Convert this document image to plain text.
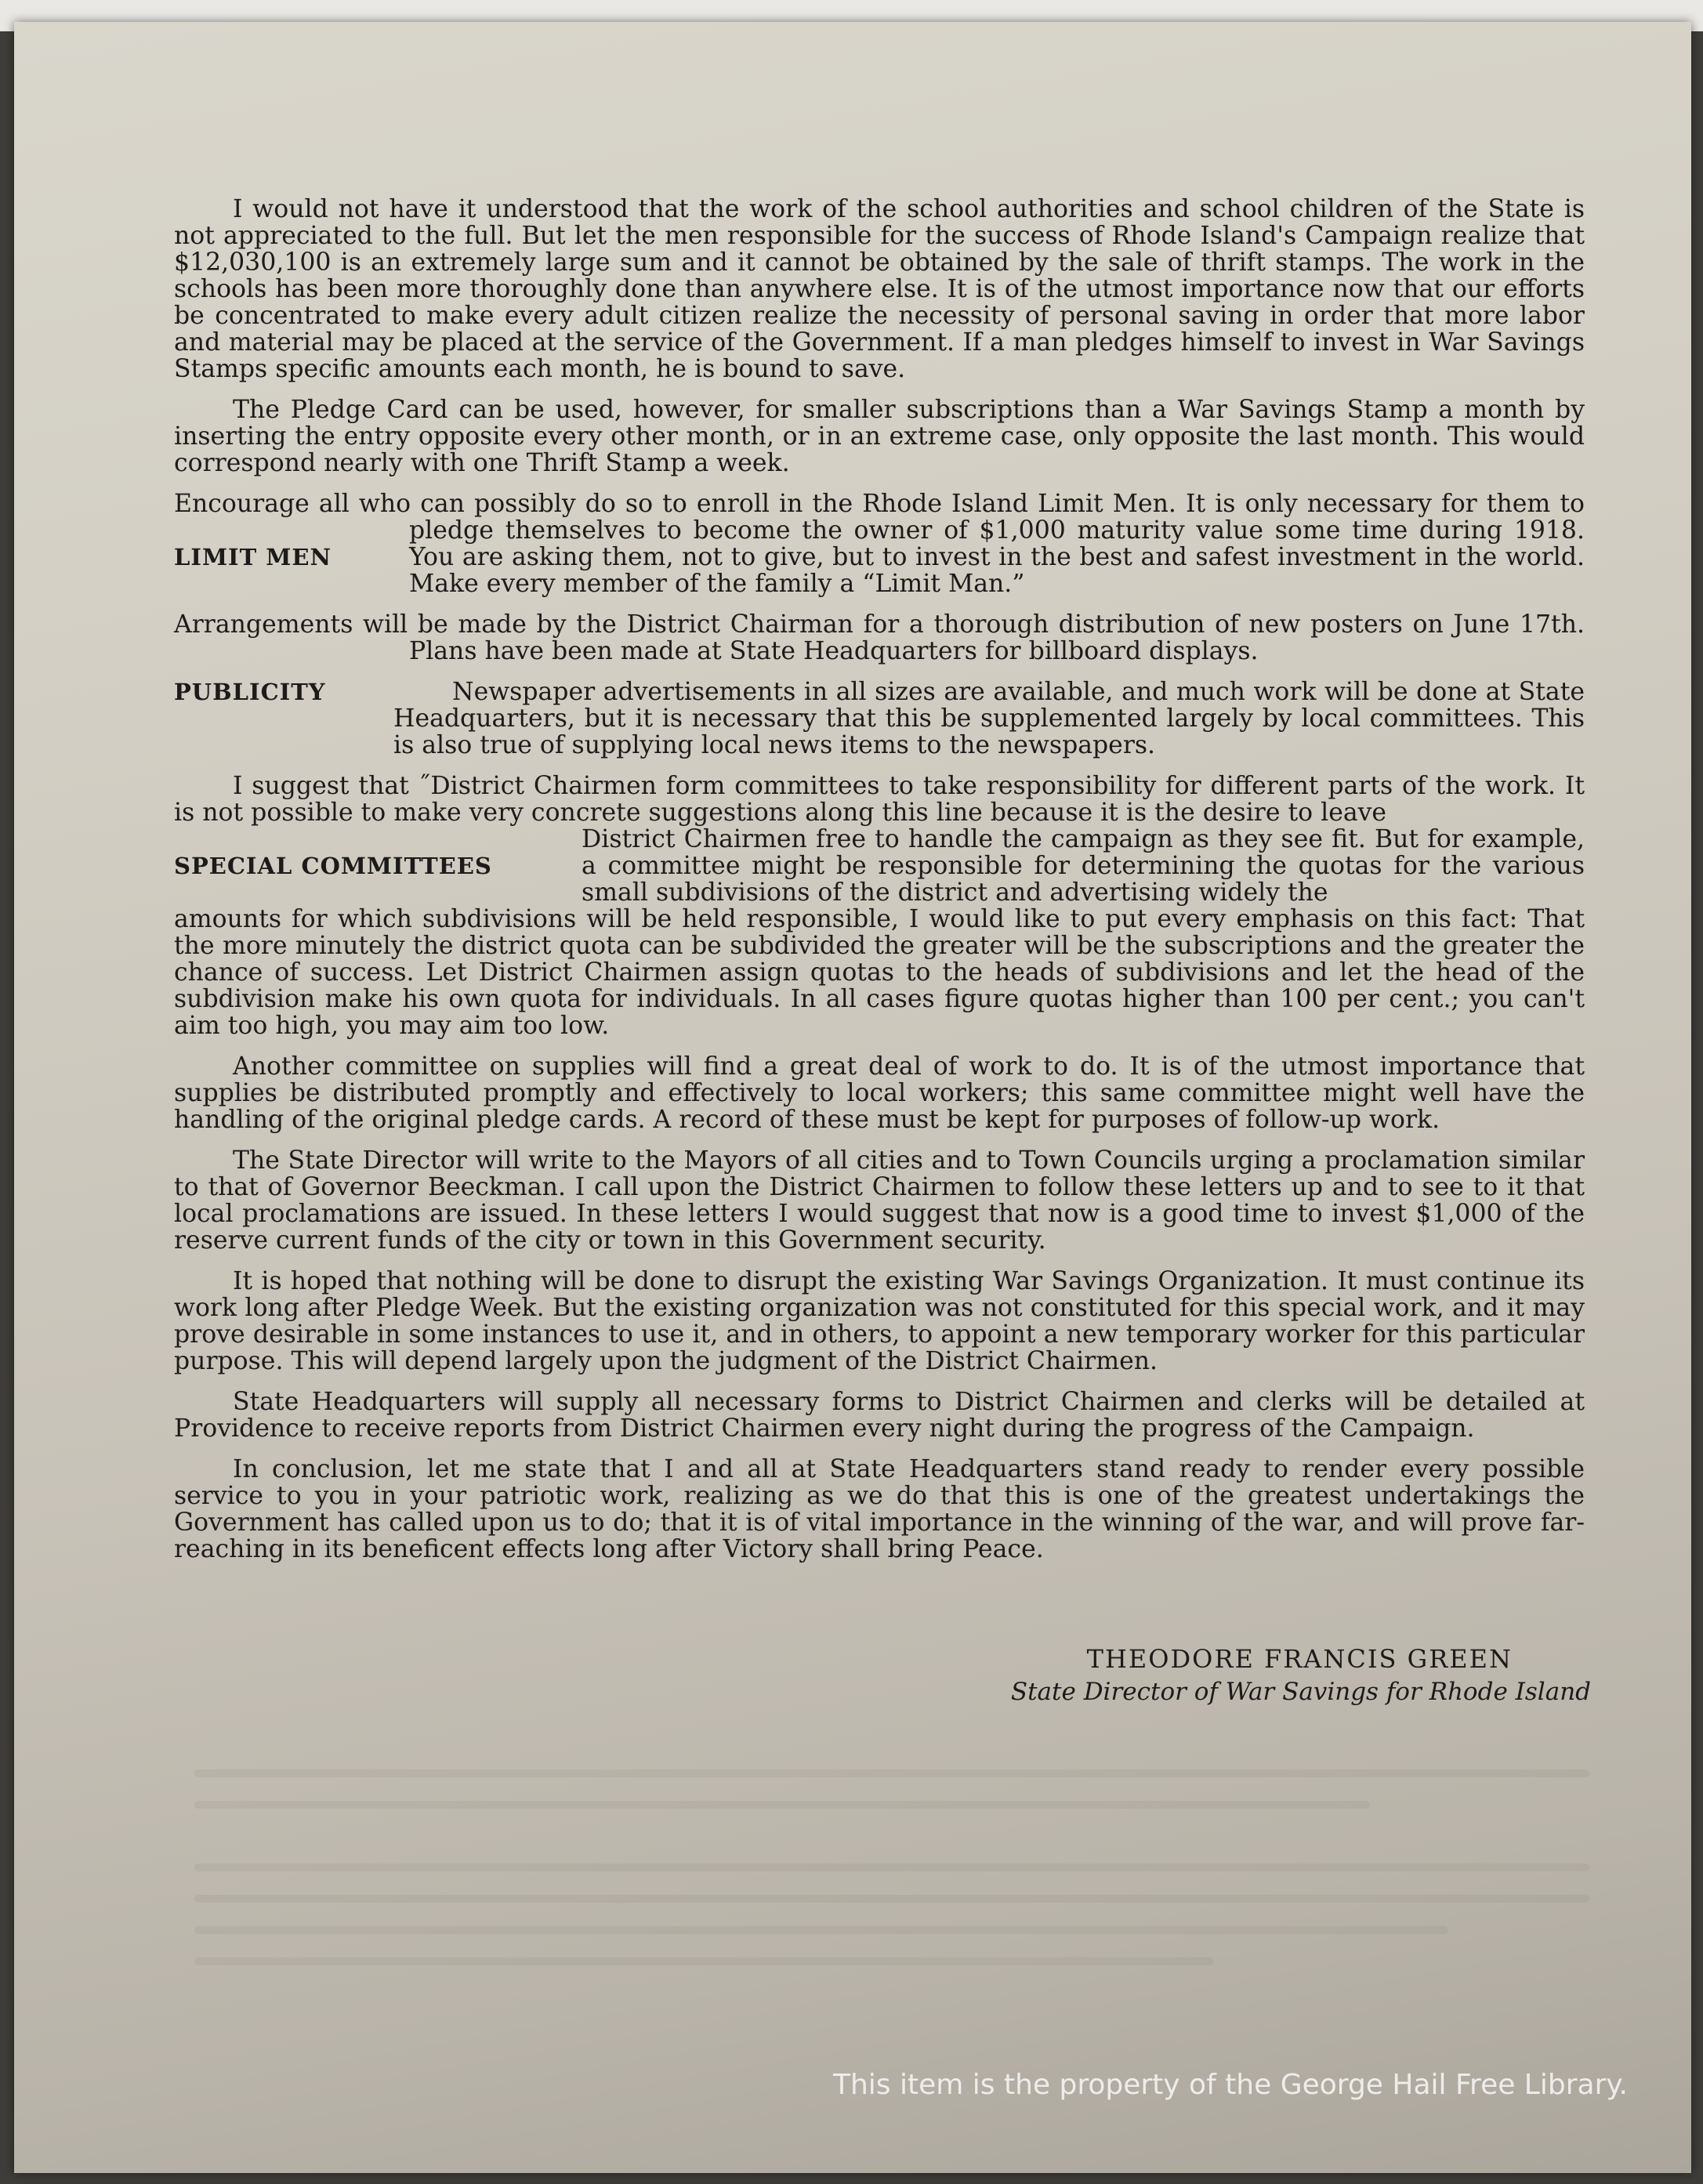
I would not have it understood that the work of the school authorities and school children of the State is not appreciated to the full. But let the men responsible for the success of Rhode Island's Campaign realize that $12,030,100 is an extremely large sum and it cannot be obtained by the sale of thrift stamps. The work in the schools has been more thoroughly done than anywhere else. It is of the utmost importance now that our efforts be concentrated to make every adult citizen realize the necessity of personal saving in order that more labor and material may be placed at the service of the Government. If a man pledges himself to invest in War Savings Stamps specific amounts each month, he is bound to save.

The Pledge Card can be used, however, for smaller subscriptions than a War Savings Stamp a month by inserting the entry opposite every other month, or in an extreme case, only opposite the last month. This would correspond nearly with one Thrift Stamp a week.

LIMIT MEN

Encourage all who can possibly do so to enroll in the Rhode Island Limit Men. It is only necessary for them to pledge themselves to become the owner of $1,000 maturity value some time during 1918. You are asking them, not to give, but to invest in the best and safest investment in the world. Make every member of the family a “Limit Man.”

Arrangements will be made by the District Chairman for a thorough distribution of new posters on June 17th. Plans have been made at State Headquarters for billboard displays.

PUBLICITY	Newspaper advertisements in all sizes are available, and much work will be done at State Headquarters, but it is necessary that this be supplemented largely by local committees. This is also true of supplying local news items to the newspapers.

I suggest that ˝District Chairmen form committees to take responsibility for different parts of the work. It is not possible to make very concrete suggestions along this line because it is the desire to leave

SPECIAL COMMITTEES
District Chairmen free to handle the campaign as they see fit. But for example, a committee might be responsible for determining the quotas for the various small subdivisions of the district and advertising widely the

amounts for which subdivisions will be held responsible, I would like to put every emphasis on this fact: That the more minutely the district quota can be subdivided the greater will be the subscriptions and the greater the chance of success. Let District Chairmen assign quotas to the heads of subdivisions and let the head of the subdivision make his own quota for individuals. In all cases figure quotas higher than 100 per cent.; you can't aim too high, you may aim too low.

Another committee on supplies will find a great deal of work to do. It is of the utmost importance that supplies be distributed promptly and effectively to local workers; this same committee might well have the handling of the original pledge cards. A record of these must be kept for purposes of follow-up work.

The State Director will write to the Mayors of all cities and to Town Councils urging a proclamation similar to that of Governor Beeckman. I call upon the District Chairmen to follow these letters up and to see to it that local proclamations are issued. In these letters I would suggest that now is a good time to invest $1,000 of the reserve current funds of the city or town in this Government security.

It is hoped that nothing will be done to disrupt the existing War Savings Organization. It must continue its work long after Pledge Week. But the existing organization was not constituted for this special work, and it may prove desirable in some instances to use it, and in others, to appoint a new temporary worker for this particular purpose. This will depend largely upon the judgment of the District Chairmen.

State Headquarters will supply all necessary forms to District Chairmen and clerks will be detailed at Providence to receive reports from District Chairmen every night during the progress of the Campaign.

In conclusion, let me state that I and all at State Headquarters stand ready to render every possible service to you in your patriotic work, realizing as we do that this is one of the greatest undertakings the Government has called upon us to do; that it is of vital importance in the winning of the war, and will prove far-reaching in its beneficent effects long after Victory shall bring Peace.

THEODORE FRANCIS GREEN
State Director of War Savings for Rhode Island
This item is the property of the George Hail Free Library.
